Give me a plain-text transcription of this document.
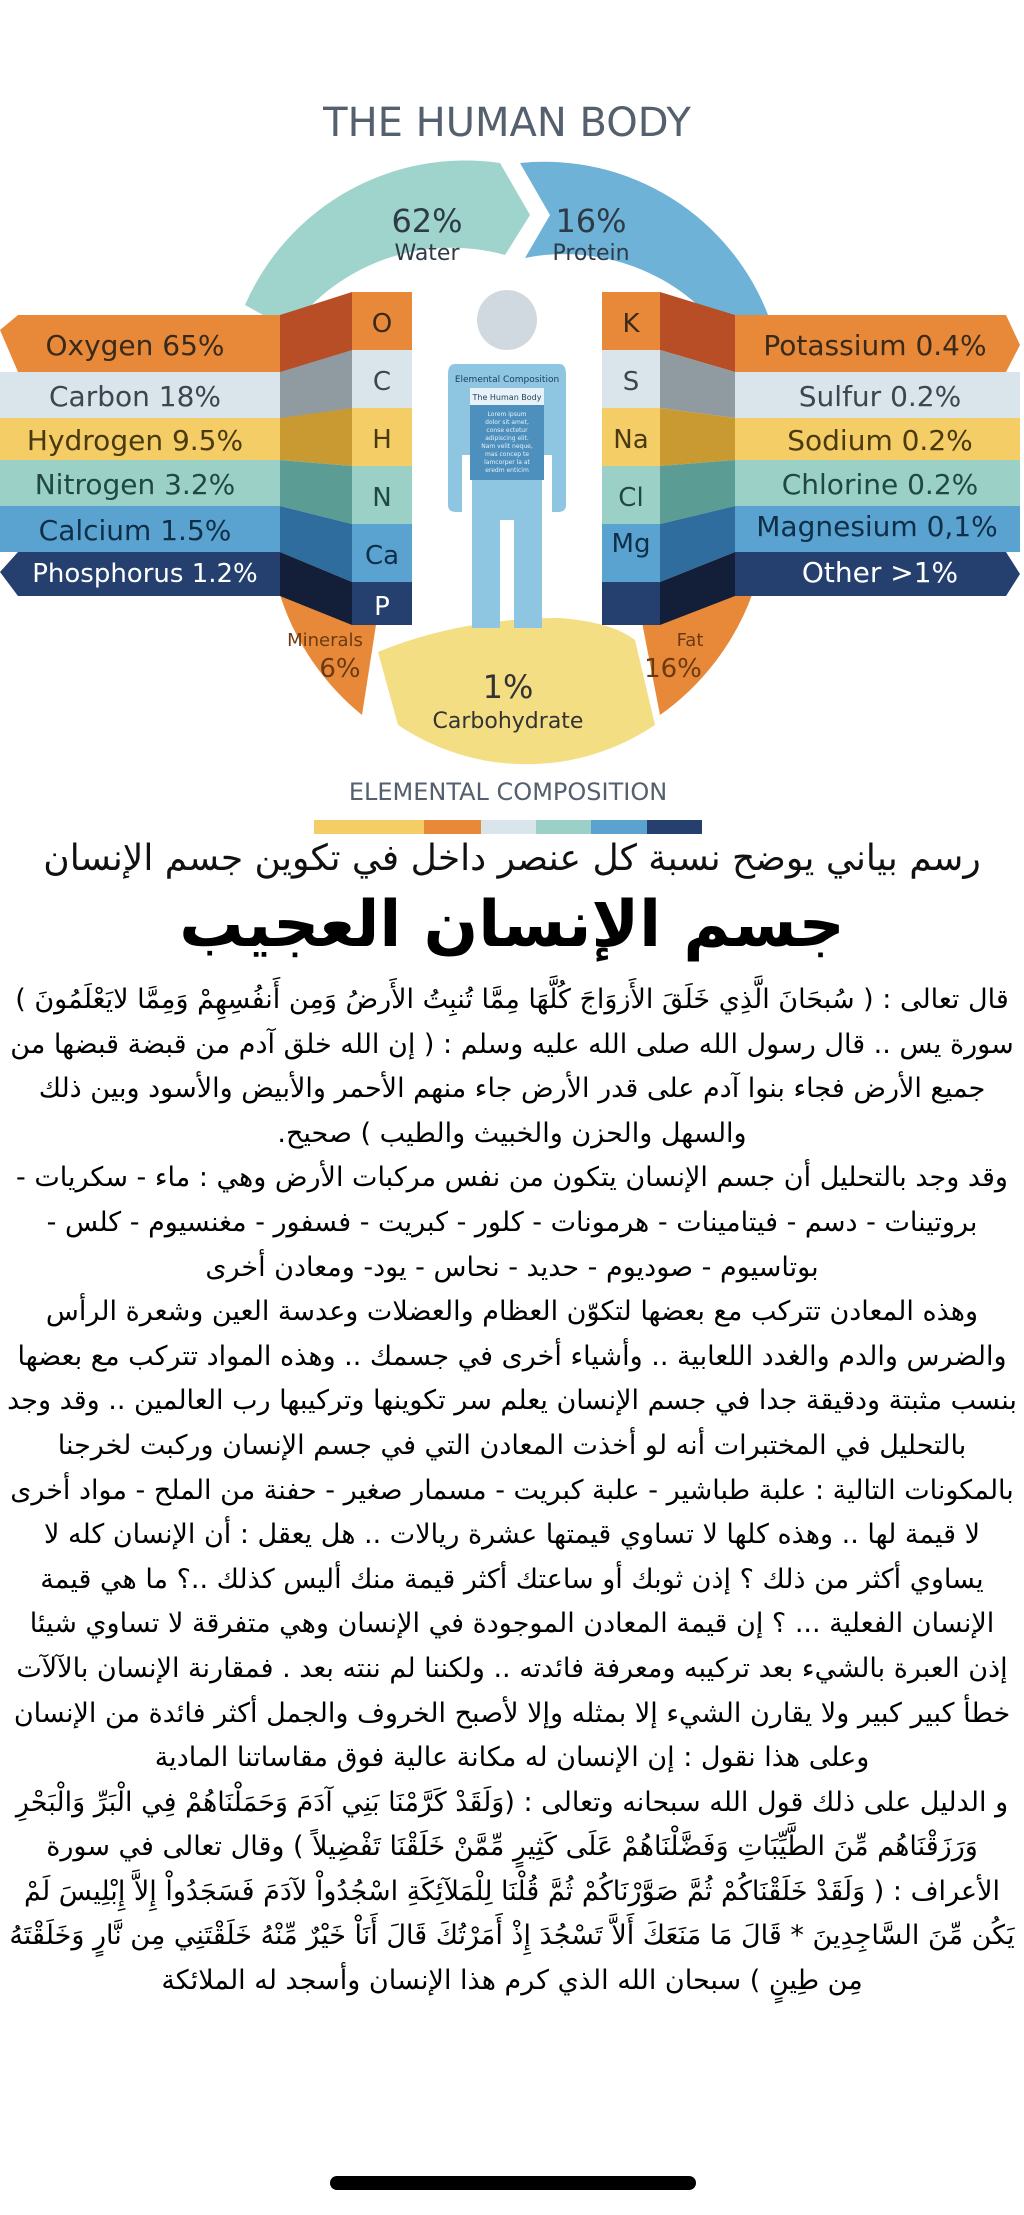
THE HUMAN BODY
62%
Water
16%
Protein
Minerals
6%
Fat
16%
1%
Carbohydrate
O
Oxygen 65%
C
Carbon 18%
H
Hydrogen 9.5%
N
Nitrogen 3.2%
Ca
Calcium 1.5%
P
Phosphorus 1.2%
K
Potassium 0.4%
S	Sulfur 0.2%
Na	Sodium 0.2%
Cl	Chlorine 0.2%
Mg
Magnesium 0,1%
Other >1%
Elemental Composition
The Human Body
Lorem ipsum
dolor sit amet,
conse ectetur
adipiscing elit.
Nam velit neque,
mas concep te
lamcorper la at
eredm enticim
ELEMENTAL COMPOSITION
رسم بياني يوضح نسبة كل عنصر داخل في تكوين جسم الإنسان
جسم الإنسان العجيب

قال تعالى : ( سُبحَانَ الَّذِي خَلَقَ الأَزوَاجَ كُلَّهَا مِمَّا تُنبِتُ الأَرضُ وَمِن أَنفُسِهِمْ وَمِمَّا لايَعْلَمُونَ ) سورة يس .. قال رسول الله صلى الله عليه وسلم : ( إن الله خلق آدم من قبضة قبضها من جميع الأرض فجاء بنوا آدم على قدر الأرض جاء منهم الأحمر والأبيض والأسود وبين ذلك والسهل والحزن والخبيث والطيب ) صحيح.

وقد وجد بالتحليل أن جسم الإنسان يتكون من نفس مركبات الأرض وهي : ماء - سكريات - بروتينات - دسم - فيتامينات - هرمونات - كلور - كبريت - فسفور - مغنسيوم - كلس - بوتاسيوم - صوديوم - حديد - نحاس - يود- ومعادن أخرى

وهذه المعادن تتركب مع بعضها لتكوّن العظام والعضلات وعدسة العين وشعرة الرأس والضرس والدم والغدد اللعابية .. وأشياء أخرى في جسمك .. وهذه المواد تتركب مع بعضها بنسب مثبتة ودقيقة جدا في جسم الإنسان يعلم سر تكوينها وتركيبها رب العالمين .. وقد وجد بالتحليل في المختبرات أنه لو أخذت المعادن التي في جسم الإنسان وركبت لخرجنا بالمكونات التالية : علبة طباشير - علبة كبريت - مسمار صغير - حفنة من الملح - مواد أخرى لا قيمة لها .. وهذه كلها لا تساوي قيمتها عشرة ريالات .. هل يعقل : أن الإنسان كله لا يساوي أكثر من ذلك ؟ إذن ثوبك أو ساعتك أكثر قيمة منك أليس كذلك ..؟ ما هي قيمة الإنسان الفعلية ... ؟ إن قيمة المعادن الموجودة في الإنسان وهي متفرقة لا تساوي شيئا إذن العبرة بالشيء بعد تركيبه ومعرفة فائدته .. ولكننا لم ننته بعد . فمقارنة الإنسان بالآلآت خطأ كبير كبير ولا يقارن الشيء إلا بمثله وإلا لأصبح الخروف والجمل أكثر فائدة من الإنسان وعلى هذا نقول : إن الإنسان له مكانة عالية فوق مقاساتنا المادية

و الدليل على ذلك قول الله سبحانه وتعالى : (وَلَقَدْ كَرَّمْنَا بَنِي آدَمَ وَحَمَلْنَاهُمْ فِي الْبَرِّ وَالْبَحْرِ وَرَزَقْنَاهُم مِّنَ الطَّيِّبَاتِ وَفَضَّلْنَاهُمْ عَلَى كَثِيرٍ مِّمَّنْ خَلَقْنَا تَفْضِيلاً ) وقال تعالى في سورة الأعراف : ( وَلَقَدْ خَلَقْنَاكُمْ ثُمَّ صَوَّرْنَاكُمْ ثُمَّ قُلْنَا لِلْمَلآئِكَةِ اسْجُدُواْ لآدَمَ فَسَجَدُواْ إِلاَّ إِبْلِيسَ لَمْ يَكُن مِّنَ السَّاجِدِينَ * قَالَ مَا مَنَعَكَ أَلاَّ تَسْجُدَ إِذْ أَمَرْتُكَ قَالَ أَنَاْ خَيْرٌ مِّنْهُ خَلَقْتَنِي مِن نَّارٍ وَخَلَقْتَهُ مِن طِينٍ ) سبحان الله الذي كرم هذا الإنسان وأسجد له الملائكة
